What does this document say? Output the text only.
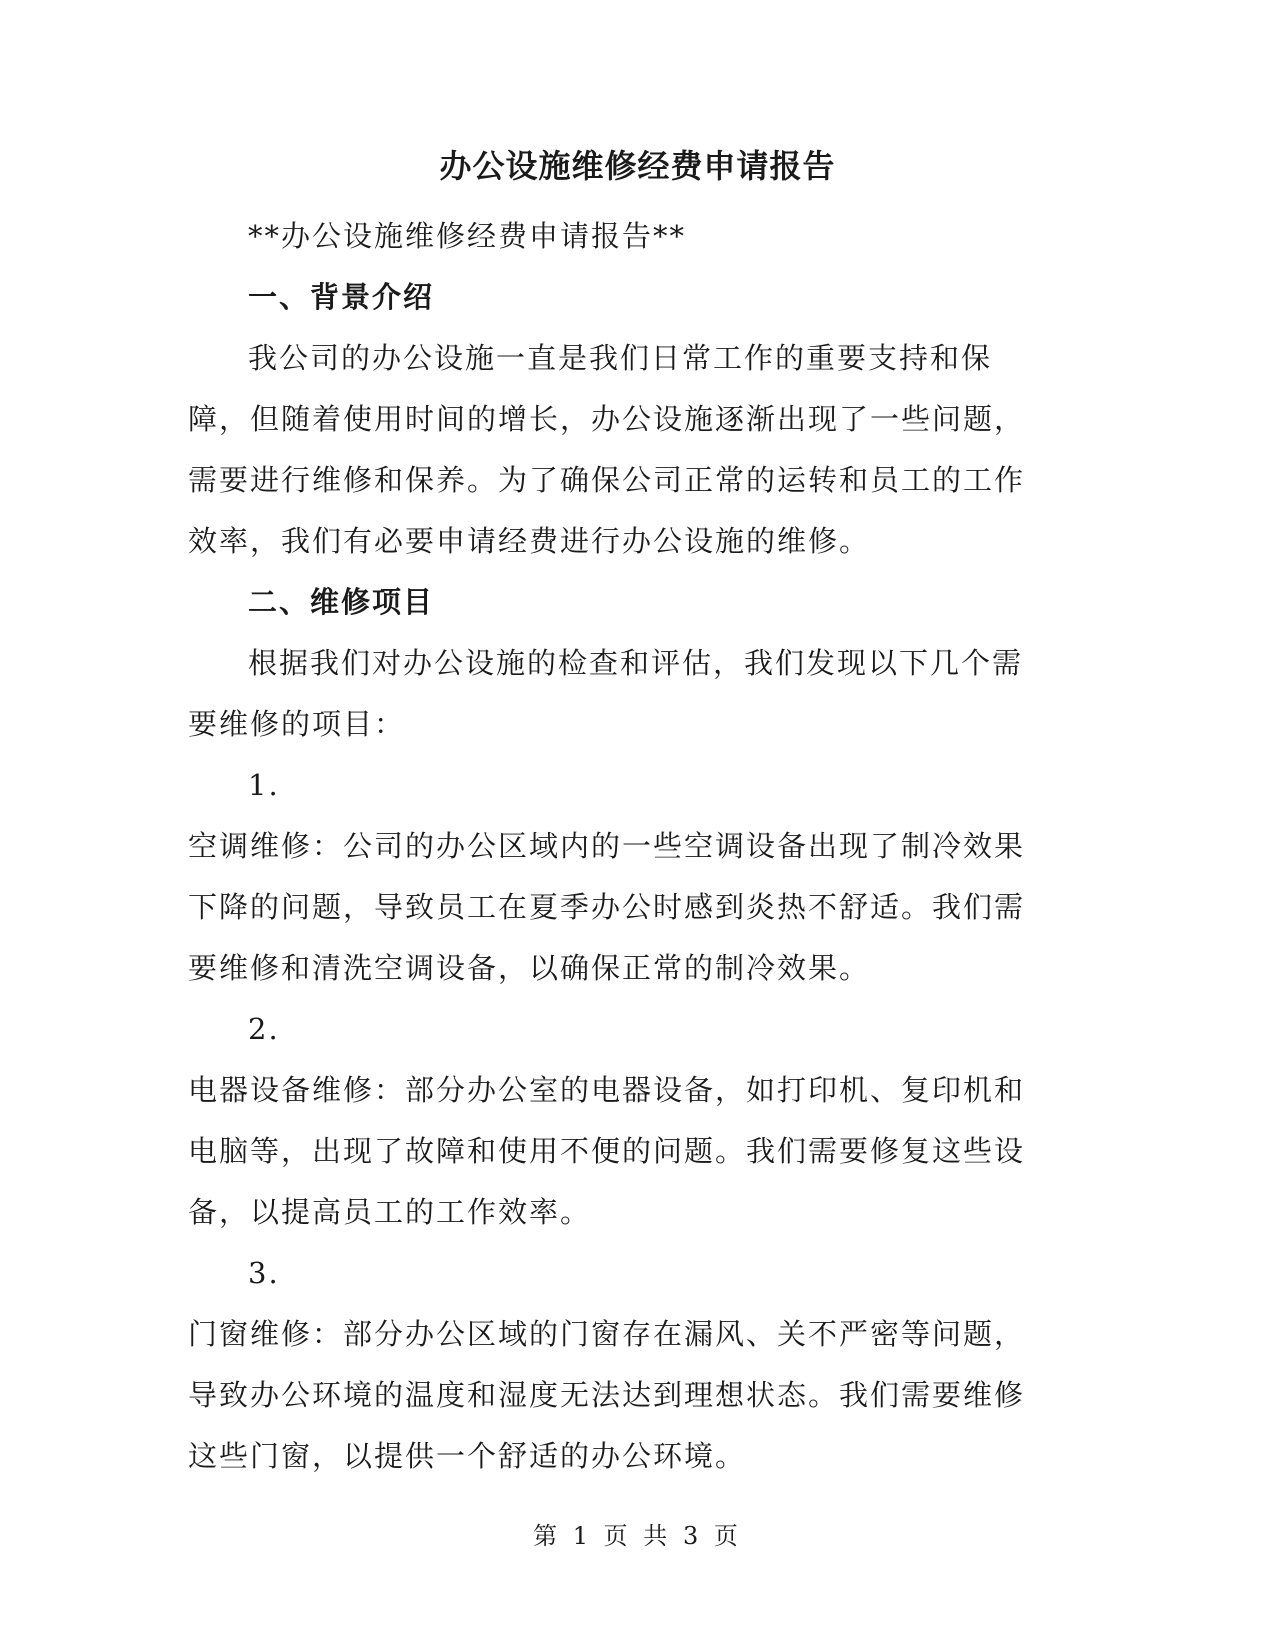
办公设施维修经费申请报告

**办公设施维修经费申请报告**

一、背景介绍

我公司的办公设施一直是我们日常工作的重要支持和保障，但随着使用时间的增长，办公设施逐渐出现了一些问题，需要进行维修和保养。为了确保公司正常的运转和员工的工作效率，我们有必要申请经费进行办公设施的维修。

二、维修项目

根据我们对办公设施的检查和评估，我们发现以下几个需要维修的项目：

1.

空调维修：公司的办公区域内的一些空调设备出现了制冷效果下降的问题，导致员工在夏季办公时感到炎热不舒适。我们需要维修和清洗空调设备，以确保正常的制冷效果。

2.

电器设备维修：部分办公室的电器设备，如打印机、复印机和电脑等，出现了故障和使用不便的问题。我们需要修复这些设备，以提高员工的工作效率。

3.

门窗维修：部分办公区域的门窗存在漏风、关不严密等问题，导致办公环境的温度和湿度无法达到理想状态。我们需要维修这些门窗，以提供一个舒适的办公环境。

第 1 页 共 3 页
